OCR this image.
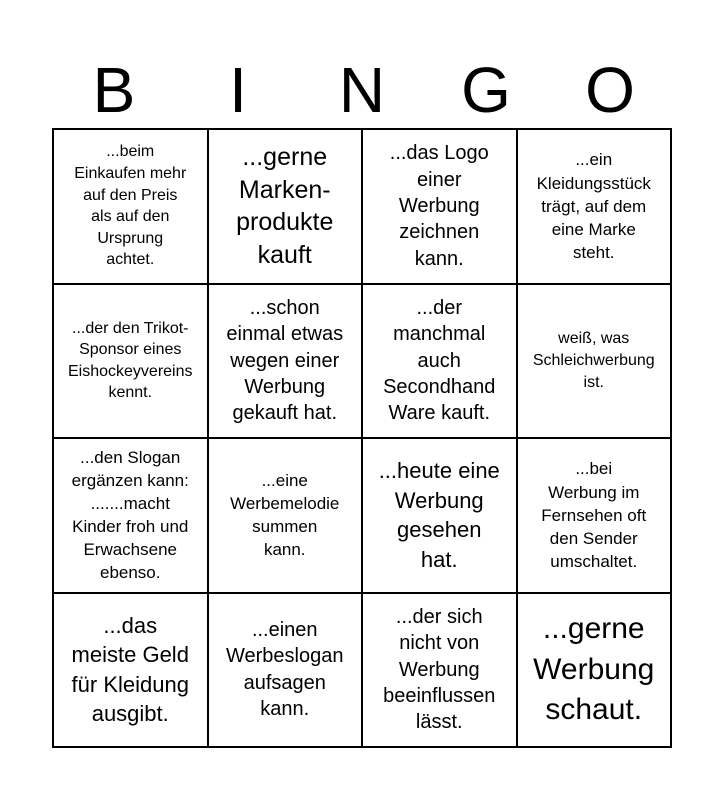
B	I	N	G	O
...beim
Einkaufen mehr
auf den Preis
als auf den
Ursprung
achtet.
...gerne
Marken-
produkte
kauft
...das Logo
einer
Werbung
zeichnen
kann.
...ein
Kleidungsstück
trägt, auf dem
eine Marke
steht.
...der den Trikot-
Sponsor eines
Eishockeyvereins
kennt.
...schon
einmal etwas
wegen einer
Werbung
gekauft hat.
...der
manchmal
auch
Secondhand
Ware kauft.
weiß, was
Schleichwerbung
ist.
...den Slogan
ergänzen kann:
.......macht
Kinder froh und
Erwachsene
ebenso.
...eine
Werbemelodie
summen
kann.
...heute eine
Werbung
gesehen
hat.
...bei
Werbung im
Fernsehen oft
den Sender
umschaltet.
...das
meiste Geld
für Kleidung
ausgibt.
...einen
Werbeslogan
aufsagen
kann.
...der sich
nicht von
Werbung
beeinflussen
lässt.
...gerne
Werbung
schaut.
